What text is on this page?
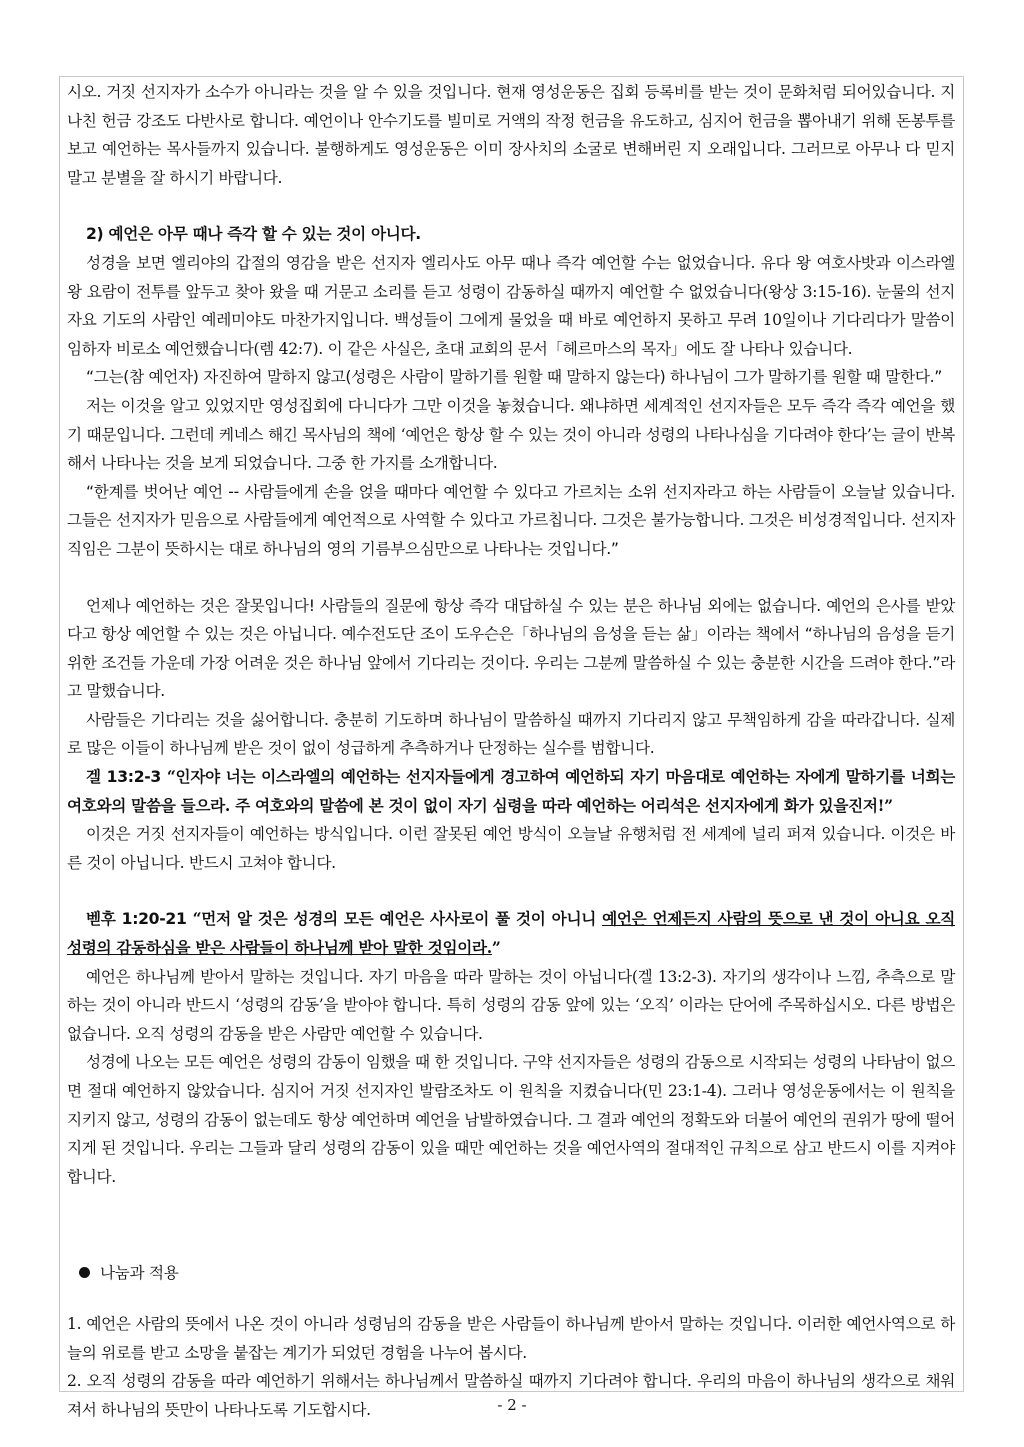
시오. 거짓 선지자가 소수가 아니라는 것을 알 수 있을 것입니다. 현재 영성운동은 집회 등록비를 받는 것이 문화처럼 되어있습니다. 지나친 헌금 강조도 다반사로 합니다. 예언이나 안수기도를 빌미로 거액의 작정 헌금을 유도하고, 심지어 헌금을 뽑아내기 위해 돈봉투를 보고 예언하는 목사들까지 있습니다. 불행하게도 영성운동은 이미 장사치의 소굴로 변해버린 지 오래입니다. 그러므로 아무나 다 믿지 말고 분별을 잘 하시기 바랍니다.

2) 예언은 아무 때나 즉각 할 수 있는 것이 아니다.

성경을 보면 엘리야의 갑절의 영감을 받은 선지자 엘리사도 아무 때나 즉각 예언할 수는 없었습니다. 유다 왕 여호사밧과 이스라엘 왕 요람이 전투를 앞두고 찾아 왔을 때 거문고 소리를 듣고 성령이 감동하실 때까지 예언할 수 없었습니다(왕상 3:15-16). 눈물의 선지자요 기도의 사람인 예레미야도 마찬가지입니다. 백성들이 그에게 물었을 때 바로 예언하지 못하고 무려 10일이나 기다리다가 말씀이 임하자 비로소 예언했습니다(렘 42:7). 이 같은 사실은, 초대 교회의 문서「헤르마스의 목자」에도 잘 나타나 있습니다.

“그는(참 예언자) 자진하여 말하지 않고(성령은 사람이 말하기를 원할 때 말하지 않는다) 하나님이 그가 말하기를 원할 때 말한다.”

저는 이것을 알고 있었지만 영성집회에 다니다가 그만 이것을 놓쳤습니다. 왜냐하면 세계적인 선지자들은 모두 즉각 즉각 예언을 했기 때문입니다. 그런데 케네스 해긴 목사님의 책에 ‘예언은 항상 할 수 있는 것이 아니라 성령의 나타나심을 기다려야 한다’는 글이 반복해서 나타나는 것을 보게 되었습니다. 그중 한 가지를 소개합니다.

“한계를 벗어난 예언 -- 사람들에게 손을 얹을 때마다 예언할 수 있다고 가르치는 소위 선지자라고 하는 사람들이 오늘날 있습니다. 그들은 선지자가 믿음으로 사람들에게 예언적으로 사역할 수 있다고 가르칩니다. 그것은 불가능합니다. 그것은 비성경적입니다. 선지자 직임은 그분이 뜻하시는 대로 하나님의 영의 기름부으심만으로 나타나는 것입니다.”

언제나 예언하는 것은 잘못입니다! 사람들의 질문에 항상 즉각 대답하실 수 있는 분은 하나님 외에는 없습니다. 예언의 은사를 받았다고 항상 예언할 수 있는 것은 아닙니다. 예수전도단 조이 도우슨은「하나님의 음성을 듣는 삶」이라는 책에서 “하나님의 음성을 듣기 위한 조건들 가운데 가장 어려운 것은 하나님 앞에서 기다리는 것이다. 우리는 그분께 말씀하실 수 있는 충분한 시간을 드려야 한다.”라고 말했습니다.

사람들은 기다리는 것을 싫어합니다. 충분히 기도하며 하나님이 말씀하실 때까지 기다리지 않고 무책임하게 감을 따라갑니다. 실제로 많은 이들이 하나님께 받은 것이 없이 성급하게 추측하거나 단정하는 실수를 범합니다.

겔 13:2-3 “인자야 너는 이스라엘의 예언하는 선지자들에게 경고하여 예언하되 자기 마음대로 예언하는 자에게 말하기를 너희는 여호와의 말씀을 들으라. 주 여호와의 말씀에 본 것이 없이 자기 심령을 따라 예언하는 어리석은 선지자에게 화가 있을진저!”

이것은 거짓 선지자들이 예언하는 방식입니다. 이런 잘못된 예언 방식이 오늘날 유행처럼 전 세계에 널리 퍼져 있습니다. 이것은 바른 것이 아닙니다. 반드시 고쳐야 합니다.

벧후 1:20-21 “먼저 알 것은 성경의 모든 예언은 사사로이 풀 것이 아니니 예언은 언제든지 사람의 뜻으로 낸 것이 아니요 오직 성령의 감동하심을 받은 사람들이 하나님께 받아 말한 것임이라.”

예언은 하나님께 받아서 말하는 것입니다. 자기 마음을 따라 말하는 것이 아닙니다(겔 13:2-3). 자기의 생각이나 느낌, 추측으로 말하는 것이 아니라 반드시 ‘성령의 감동’을 받아야 합니다. 특히 성령의 감동 앞에 있는 ‘오직’ 이라는 단어에 주목하십시오. 다른 방법은 없습니다. 오직 성령의 감동을 받은 사람만 예언할 수 있습니다.

성경에 나오는 모든 예언은 성령의 감동이 임했을 때 한 것입니다. 구약 선지자들은 성령의 감동으로 시작되는 성령의 나타남이 없으면 절대 예언하지 않았습니다. 심지어 거짓 선지자인 발람조차도 이 원칙을 지켰습니다(민 23:1-4). 그러나 영성운동에서는 이 원칙을 지키지 않고, 성령의 감동이 없는데도 항상 예언하며 예언을 남발하였습니다. 그 결과 예언의 정확도와 더불어 예언의 권위가 땅에 떨어지게 된 것입니다. 우리는 그들과 달리 성령의 감동이 있을 때만 예언하는 것을 예언사역의 절대적인 규칙으로 삼고 반드시 이를 지켜야 합니다.

나눔과 적용

1. 예언은 사람의 뜻에서 나온 것이 아니라 성령님의 감동을 받은 사람들이 하나님께 받아서 말하는 것입니다. 이러한 예언사역으로 하늘의 위로를 받고 소망을 붙잡는 계기가 되었던 경험을 나누어 봅시다.

2. 오직 성령의 감동을 따라 예언하기 위해서는 하나님께서 말씀하실 때까지 기다려야 합니다. 우리의 마음이 하나님의 생각으로 채워져서 하나님의 뜻만이 나타나도록 기도합시다.	- 2 -
